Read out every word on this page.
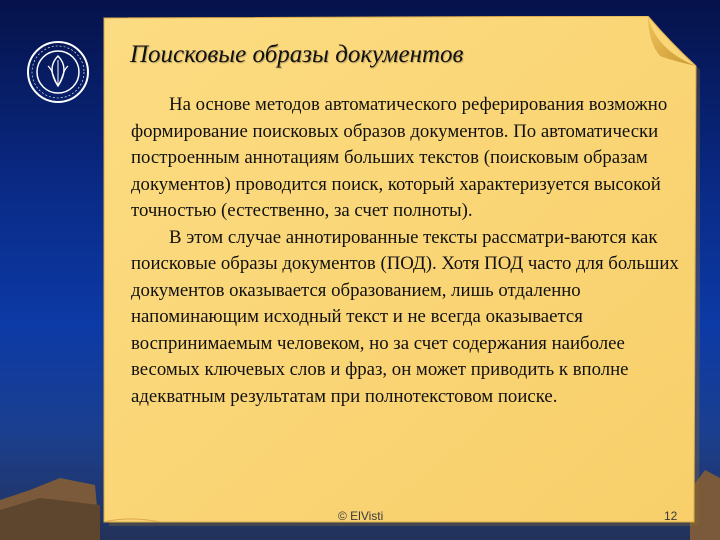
Поисковые образы документов

На основе методов автоматического реферирования возможно формирование поисковых образов документов. По автоматически построенным аннотациям больших текстов (поисковым образам документов) проводится поиск, который характеризуется высокой точностью (естественно, за счет полноты).

В этом случае аннотированные тексты рассматри-ваются как поисковые образы документов (ПОД). Хотя ПОД часто для больших документов оказывается образованием, лишь отдаленно напоминающим исходный текст и не всегда оказывается воспринимаемым человеком, но за счет содержания наиболее весомых ключевых слов и фраз, он может приводить к вполне адекватным результатам при полнотекстовом поиске.

© ElVisti	12
